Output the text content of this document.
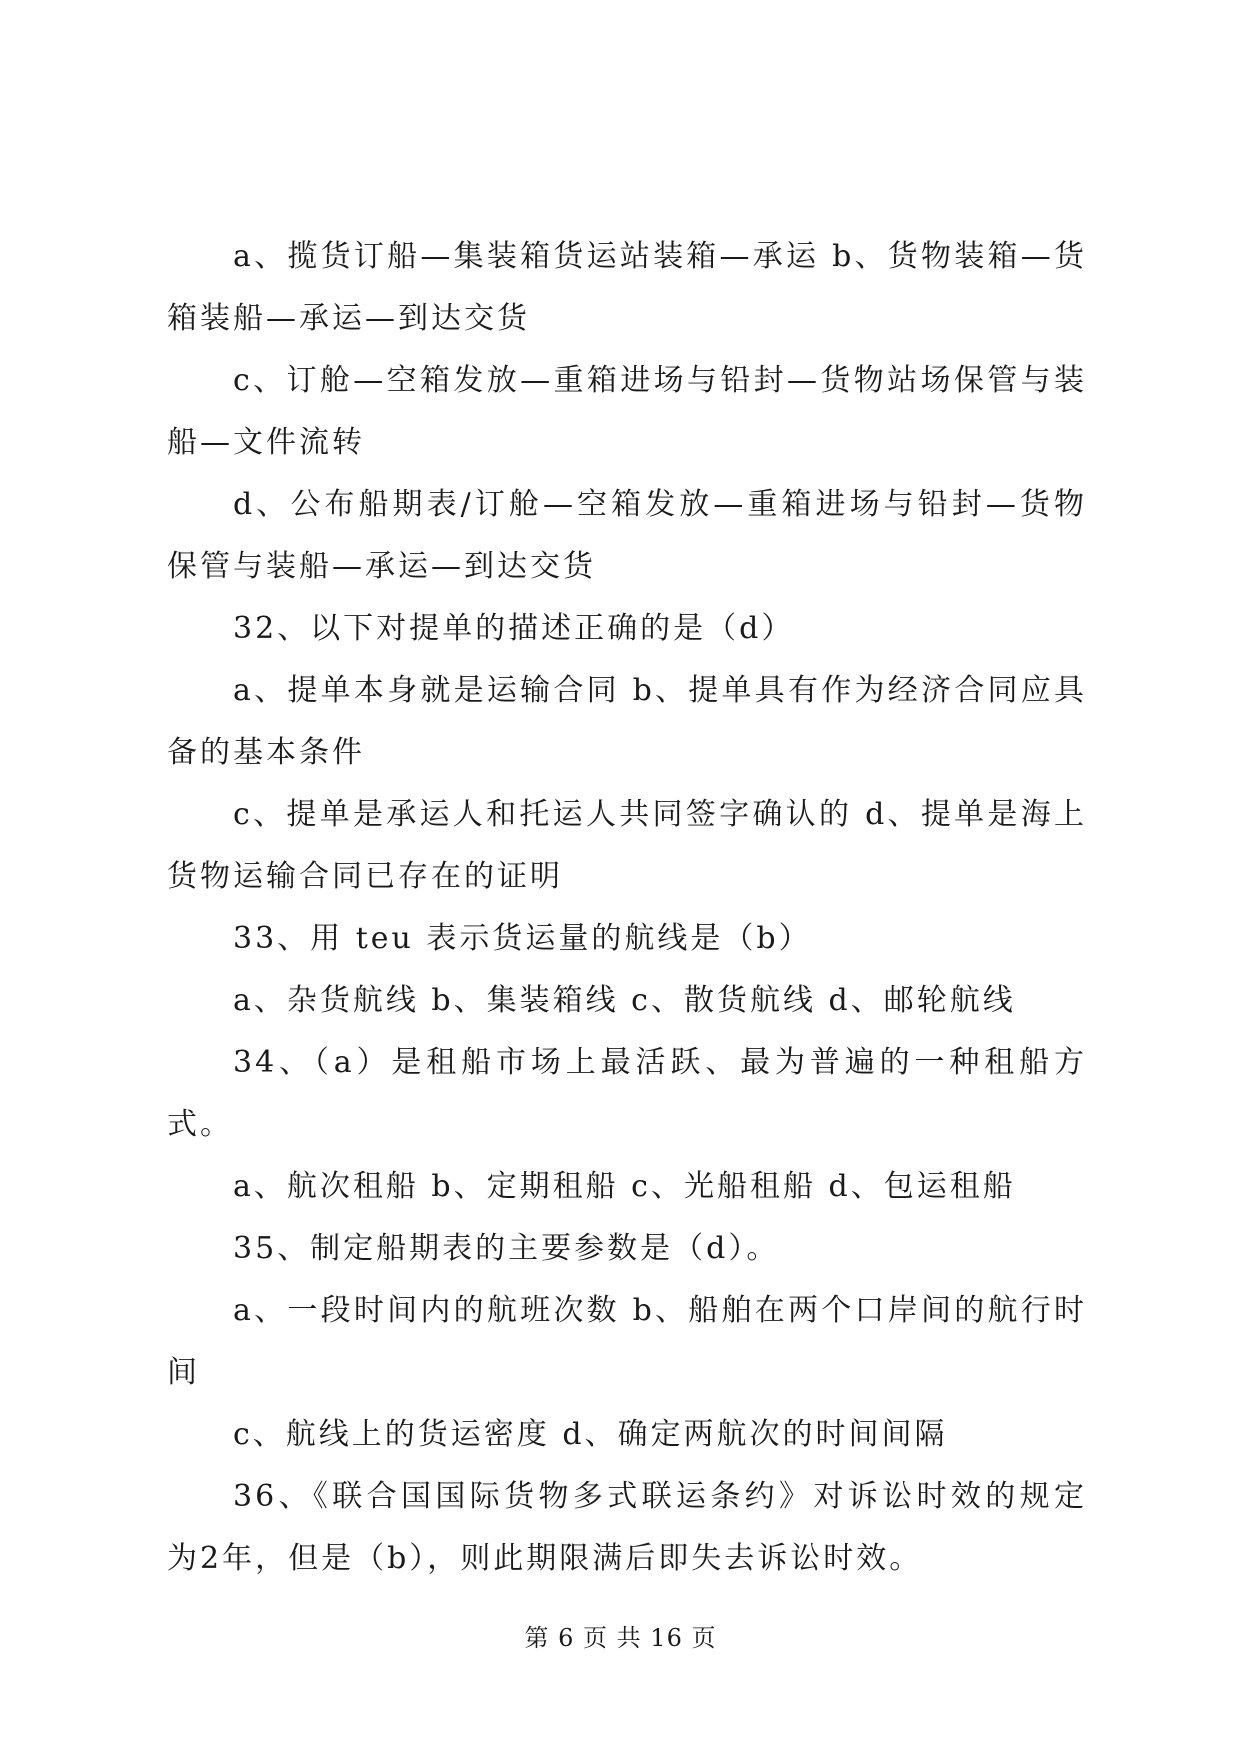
a、揽货订船—集装箱货运站装箱—承运 b、货物装箱—货箱装船—承运—到达交货

c、订舱—空箱发放—重箱进场与铅封—货物站场保管与装船—文件流转

d、公布船期表/订舱—空箱发放—重箱进场与铅封—货物保管与装船—承运—到达交货

32、以下对提单的描述正确的是（d）

a、提单本身就是运输合同 b、提单具有作为经济合同应具备的基本条件

c、提单是承运人和托运人共同签字确认的 d、提单是海上货物运输合同已存在的证明

33、用 teu 表示货运量的航线是（b）

a、杂货航线 b、集装箱线 c、散货航线 d、邮轮航线

34、（a）是租船市场上最活跃、最为普遍的一种租船方式。

a、航次租船 b、定期租船 c、光船租船 d、包运租船

35、制定船期表的主要参数是（d）。

a、一段时间内的航班次数 b、船舶在两个口岸间的航行时间

c、航线上的货运密度 d、确定两航次的时间间隔

36、《联合国国际货物多式联运条约》对诉讼时效的规定为2年，但是（b），则此期限满后即失去诉讼时效。

第 6 页 共 16 页
